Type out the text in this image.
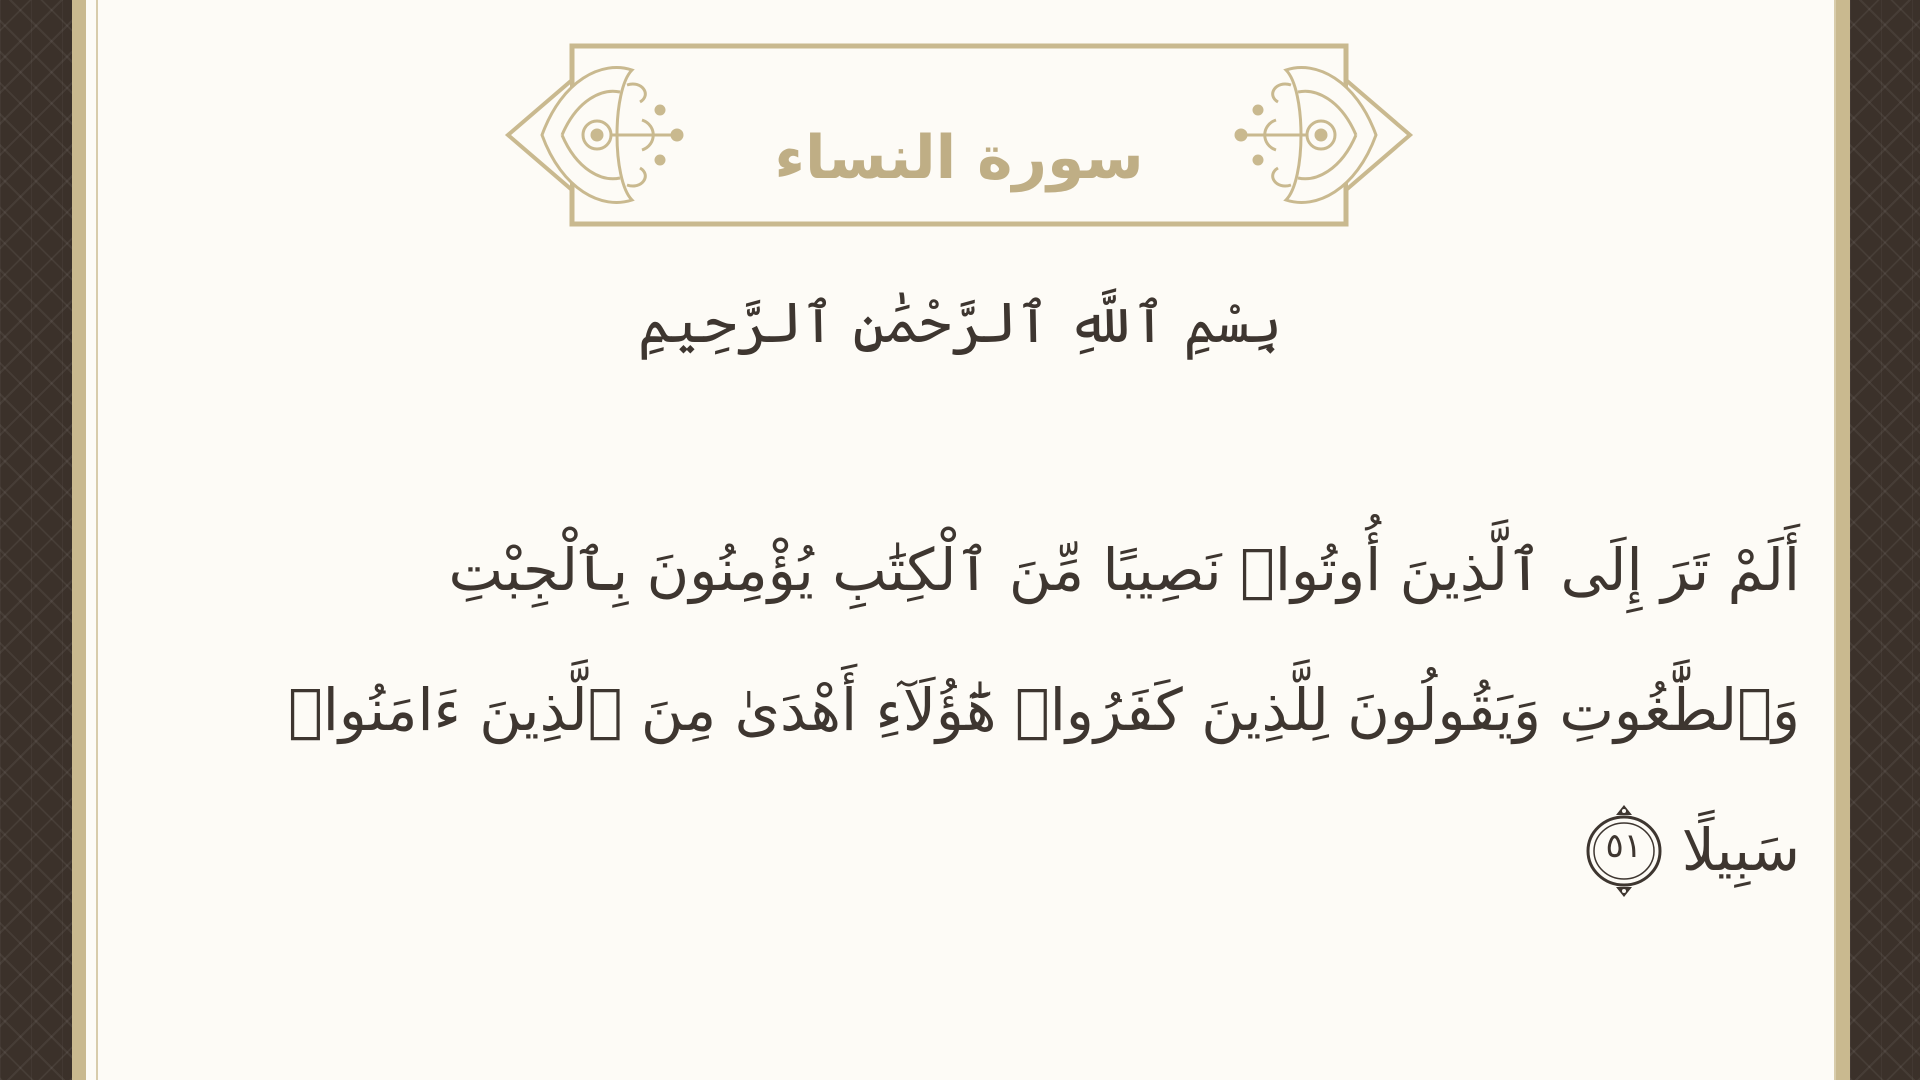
سورة النساء
بِسْمِ ٱللَّهِ ٱلرَّحْمَٰنِ ٱلرَّحِيمِ
أَلَمْ تَرَ إِلَى ٱلَّذِينَ أُوتُوا۟ نَصِيبًا مِّنَ ٱلْكِتَٰبِ يُؤْمِنُونَ بِٱلْجِبْتِ
وَٱلطَّٰغُوتِ وَيَقُولُونَ لِلَّذِينَ كَفَرُوا۟ هَٰٓؤُلَآءِ أَهْدَىٰ مِنَ ٱلَّذِينَ ءَامَنُوا۟
سَبِيلًا
٥١
